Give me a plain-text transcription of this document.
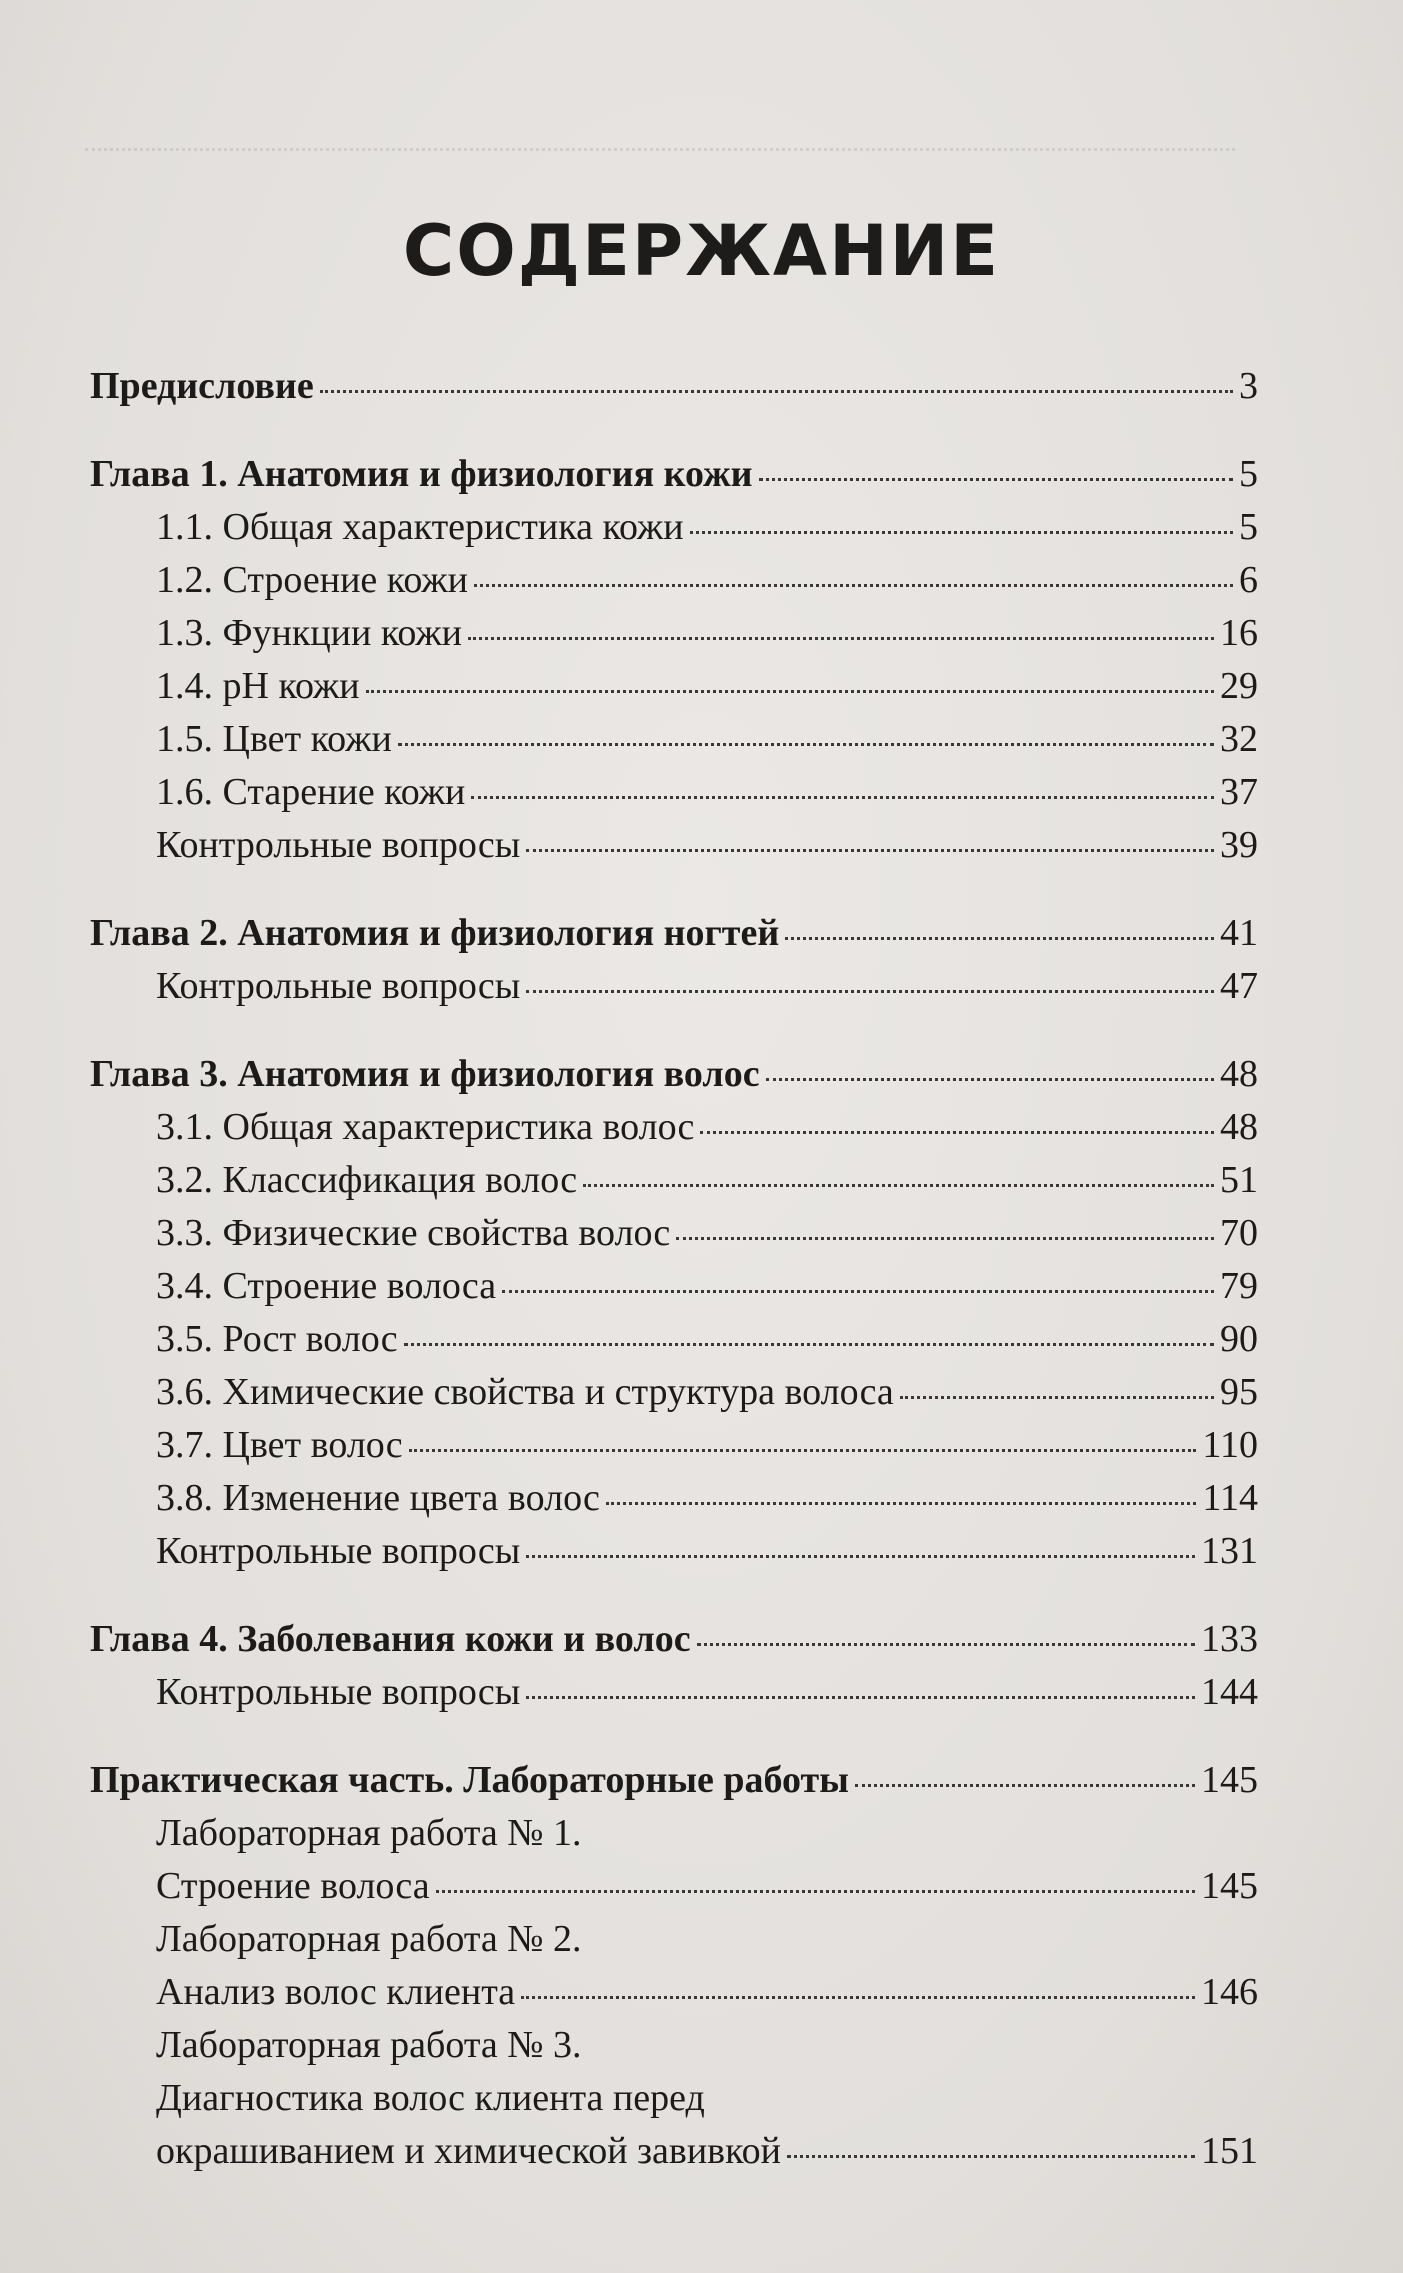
СОДЕРЖАНИЕ
Предисловие	3
Глава 1. Анатомия и физиология кожи	5
1.1. Общая характеристика кожи	5
1.2. Строение кожи	6
1.3. Функции кожи	16
1.4. pH кожи	29
1.5. Цвет кожи	32
1.6. Старение кожи	37
Контрольные вопросы	39
Глава 2. Анатомия и физиология ногтей	41
Контрольные вопросы	47
Глава 3. Анатомия и физиология волос	48
3.1. Общая характеристика волос	48
3.2. Классификация волос	51
3.3. Физические свойства волос	70
3.4. Строение волоса	79
3.5. Рост волос	90
3.6. Химические свойства и структура волоса	95
3.7. Цвет волос	110
3.8. Изменение цвета волос	114
Контрольные вопросы	131
Глава 4. Заболевания кожи и волос	133
Контрольные вопросы	144
Практическая часть. Лабораторные работы	145
Лабораторная работа № 1.
Строение волоса	145
Лабораторная работа № 2.
Анализ волос клиента	146
Лабораторная работа № 3.
Диагностика волос клиента перед
окрашиванием и химической завивкой	151
